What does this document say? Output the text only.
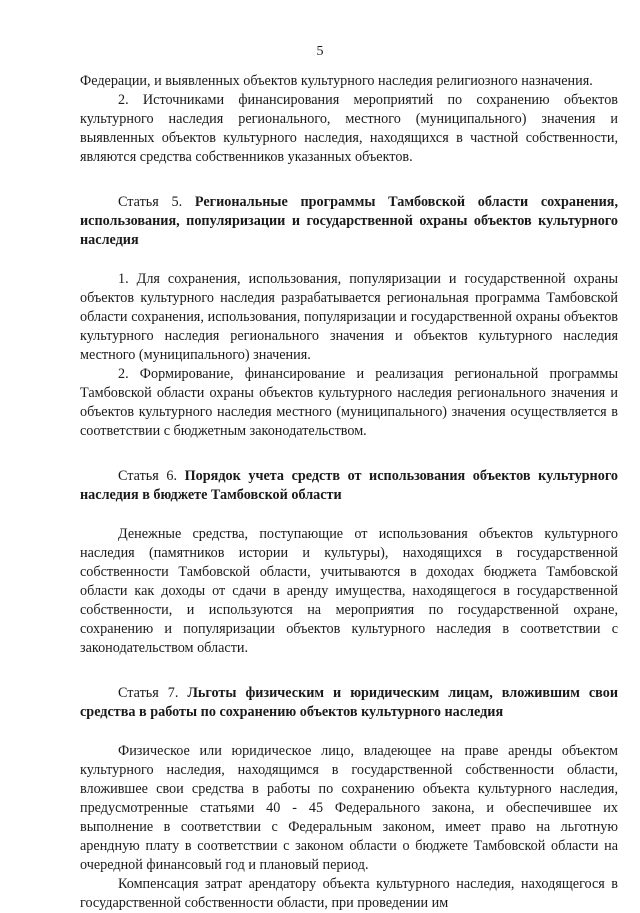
5

Федерации, и выявленных объектов культурного наследия религиозного назначения.

2. Источниками финансирования мероприятий по сохранению объектов культурного наследия регионального, местного (муниципального) значения и выявленных объектов культурного наследия, находящихся в частной собственности, являются средства собственников указанных объектов.

Статья 5. Региональные программы Тамбовской области сохранения, использования, популяризации и государственной охраны объектов культурного наследия

1. Для сохранения, использования, популяризации и государственной охраны объектов культурного наследия разрабатывается региональная программа Тамбовской области сохранения, использования, популяризации и государственной охраны объектов культурного наследия регионального значения и объектов культурного наследия местного (муниципального) значения.

2. Формирование, финансирование и реализация региональной программы Тамбовской области охраны объектов культурного наследия регионального значения и объектов культурного наследия местного (муниципального) значения осуществляется в соответствии с бюджетным законодательством.

Статья 6. Порядок учета средств от использования объектов культурного наследия в бюджете Тамбовской области

Денежные средства, поступающие от использования объектов культурного наследия (памятников истории и культуры), находящихся в государственной собственности Тамбовской области, учитываются в доходах бюджета Тамбовской области как доходы от сдачи в аренду имущества, находящегося в государственной собственности, и используются на мероприятия по государственной охране, сохранению и популяризации объектов культурного наследия в соответствии с законодательством области.

Статья 7. Льготы физическим и юридическим лицам, вложившим свои средства в работы по сохранению объектов культурного наследия

Физическое или юридическое лицо, владеющее на праве аренды объектом культурного наследия, находящимся в государственной собственности области, вложившее свои средства в работы по сохранению объекта культурного наследия, предусмотренные статьями 40 - 45 Федерального закона, и обеспечившее их выполнение в соответствии с Федеральным законом, имеет право на льготную арендную плату в соответствии с законом области о бюджете Тамбовской области на очередной финансовый год и плановый период.

Компенсация затрат арендатору объекта культурного наследия, находящегося в государственной собственности области, при проведении им
